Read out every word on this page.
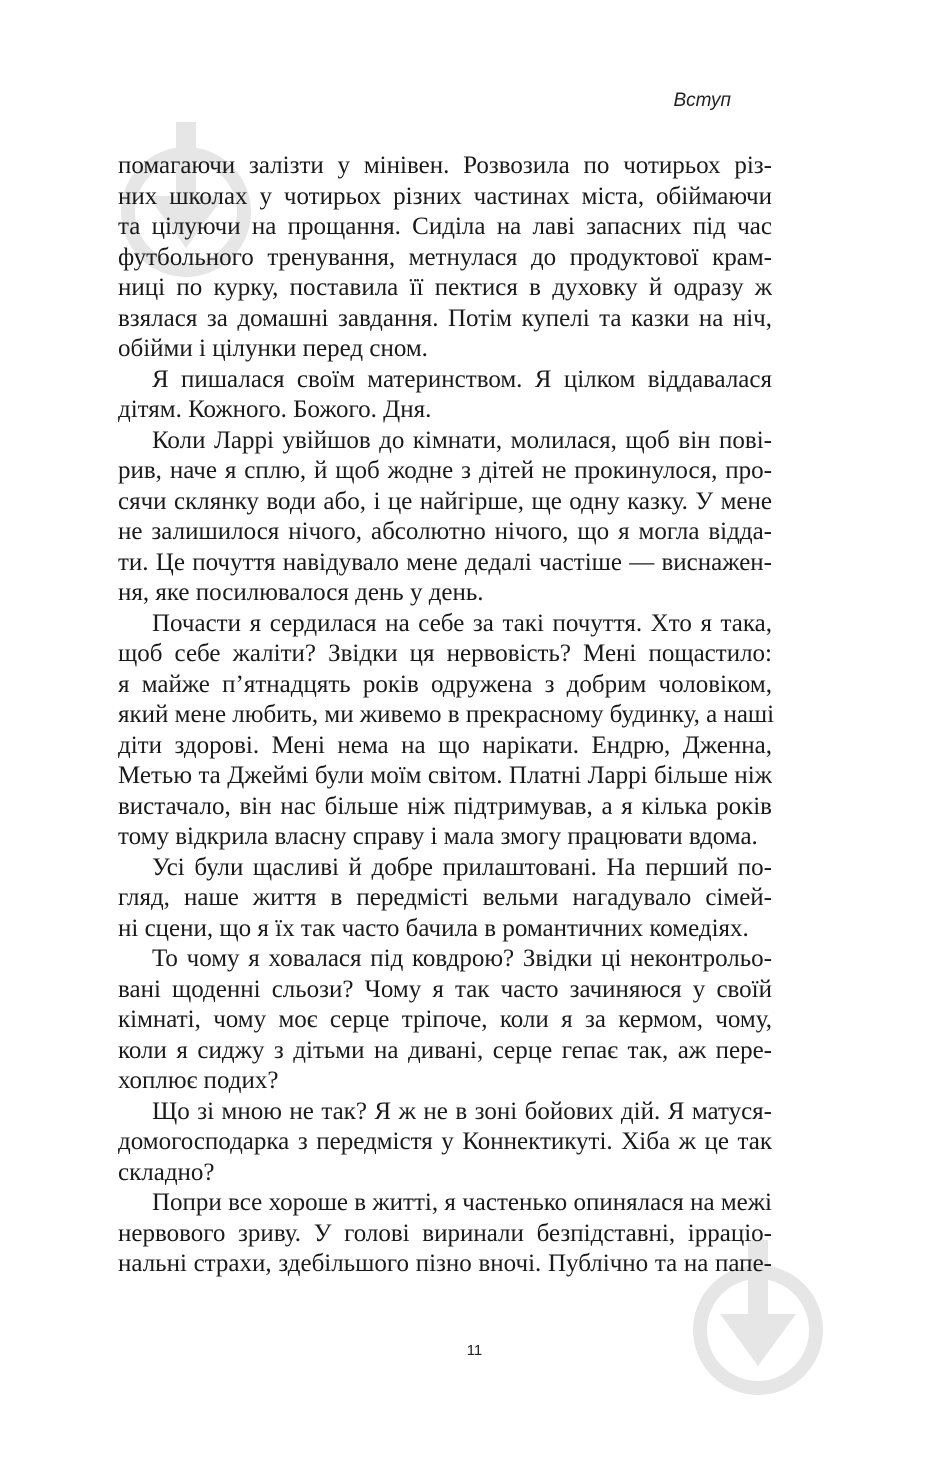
Вступ
помагаючи залізти у мінівен. Розвозила по чотирьох різ-
них школах у чотирьох різних частинах міста, обіймаючи
та цілуючи на прощання. Сиділа на лаві запасних під час
футбольного тренування, метнулася до продуктової крам-
ниці по курку, поставила її пектися в духовку й одразу ж
взялася за домашні завдання. Потім купелі та казки на ніч,
обійми і цілунки перед сном.
Я пишалася своїм материнством. Я цілком віддавалася
дітям. Кожного. Божого. Дня.
Коли Ларрі увійшов до кімнати, молилася, щоб він пові-
рив, наче я сплю, й щоб жодне з дітей не прокинулося, про-
сячи склянку води або, і це найгірше, ще одну казку. У мене
не залишилося нічого, абсолютно нічого, що я могла відда-
ти. Це почуття навідувало мене дедалі частіше — виснажен-
ня, яке посилювалося день у день.
Почасти я сердилася на себе за такі почуття. Хто я така,
щоб себе жаліти? Звідки ця нервовість? Мені пощастило:
я майже п’ятнадцять років одружена з добрим чоловіком,
який мене любить, ми живемо в прекрасному будинку, а наші
діти здорові. Мені нема на що нарікати. Ендрю, Дженна,
Метью та Джеймі були моїм світом. Платні Ларрі більше ніж
вистачало, він нас більше ніж підтримував, а я кілька років
тому відкрила власну справу і мала змогу працювати вдома.
Усі були щасливі й добре прилаштовані. На перший по-
гляд, наше життя в передмісті вельми нагадувало сімей-
ні сцени, що я їх так часто бачила в романтичних комедіях.
То чому я ховалася під ковдрою? Звідки ці неконтрольо-
вані щоденні сльози? Чому я так часто зачиняюся у своїй
кімнаті, чому моє серце тріпоче, коли я за кермом, чому,
коли я сиджу з дітьми на дивані, серце гепає так, аж пере-
хоплює подих?
Що зі мною не так? Я ж не в зоні бойових дій. Я матуся-
домогосподарка з передмістя у Коннектикуті. Хіба ж це так
складно?
Попри все хороше в житті, я частенько опинялася на межі
нервового зриву. У голові виринали безпідставні, ірраціо-
нальні страхи, здебільшого пізно вночі. Публічно та на папе-
11
